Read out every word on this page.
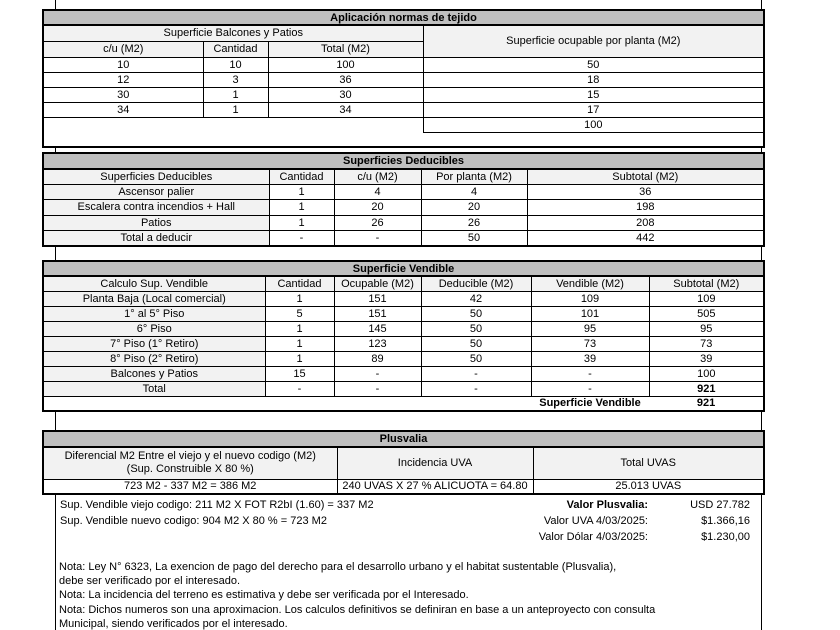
Aplicación normas de tejido			
Superficie Balcones y Patios			Superficie ocupable por planta (M2)
c/u (M2)	Cantidad	Total (M2)	
10	10	100	50
12	3	36	18
30	1	30	15
34	1	34	17
			100

Superficies Deducibles				
Superficies Deducibles	Cantidad	c/u (M2)	Por planta (M2)	Subtotal (M2)
Ascensor palier	1	4	4	36
Escalera contra incendios + Hall	1	20	20	198
Patios	1	26	26	208
Total a deducir	-	-	50	442
Superficie Vendible					
Calculo Sup. Vendible	Cantidad	Ocupable (M2)	Deducible (M2)	Vendible (M2)	Subtotal (M2)
Planta Baja (Local comercial)	1	151	42	109	109
1° al 5° Piso	5	151	50	101	505
6° Piso	1	145	50	95	95
7° Piso (1° Retiro)	1	123	50	73	73
8° Piso (2° Retiro)	1	89	50	39	39
Balcones y Patios	15	-	-	-	100
Total	-	-	-	-	921
				Superficie Vendible	921
Plusvalia		

Diferencial M2 Entre el viejo y el nuevo codigo (M2)
(Sup. Construible X 80 %)	Incidencia UVA	Total UVAS
723 M2 - 337 M2 = 386 M2	240 UVAS X 27 % ALICUOTA = 64.80	25.013 UVAS
Sup. Vendible viejo codigo: 211 M2 X FOT R2bI (1.60) = 337 M2	Valor Plusvalia:	USD 27.782
Sup. Vendible nuevo codigo: 904 M2 X 80 % = 723 M2	Valor UVA 4/03/2025:	$1.366,16
Valor Dólar 4/03/2025:	$1.230,00
Nota: Ley N° 6323, La exencion de pago del derecho para el desarrollo urbano y el habitat sustentable (Plusvalia),
debe ser verificado por el interesado.
Nota: La incidencia del terreno es estimativa y debe ser verificada por el Interesado.
Nota: Dichos numeros son una aproximacion. Los calculos definitivos se definiran en base a un anteproyecto con consulta
Municipal, siendo verificados por el interesado.
